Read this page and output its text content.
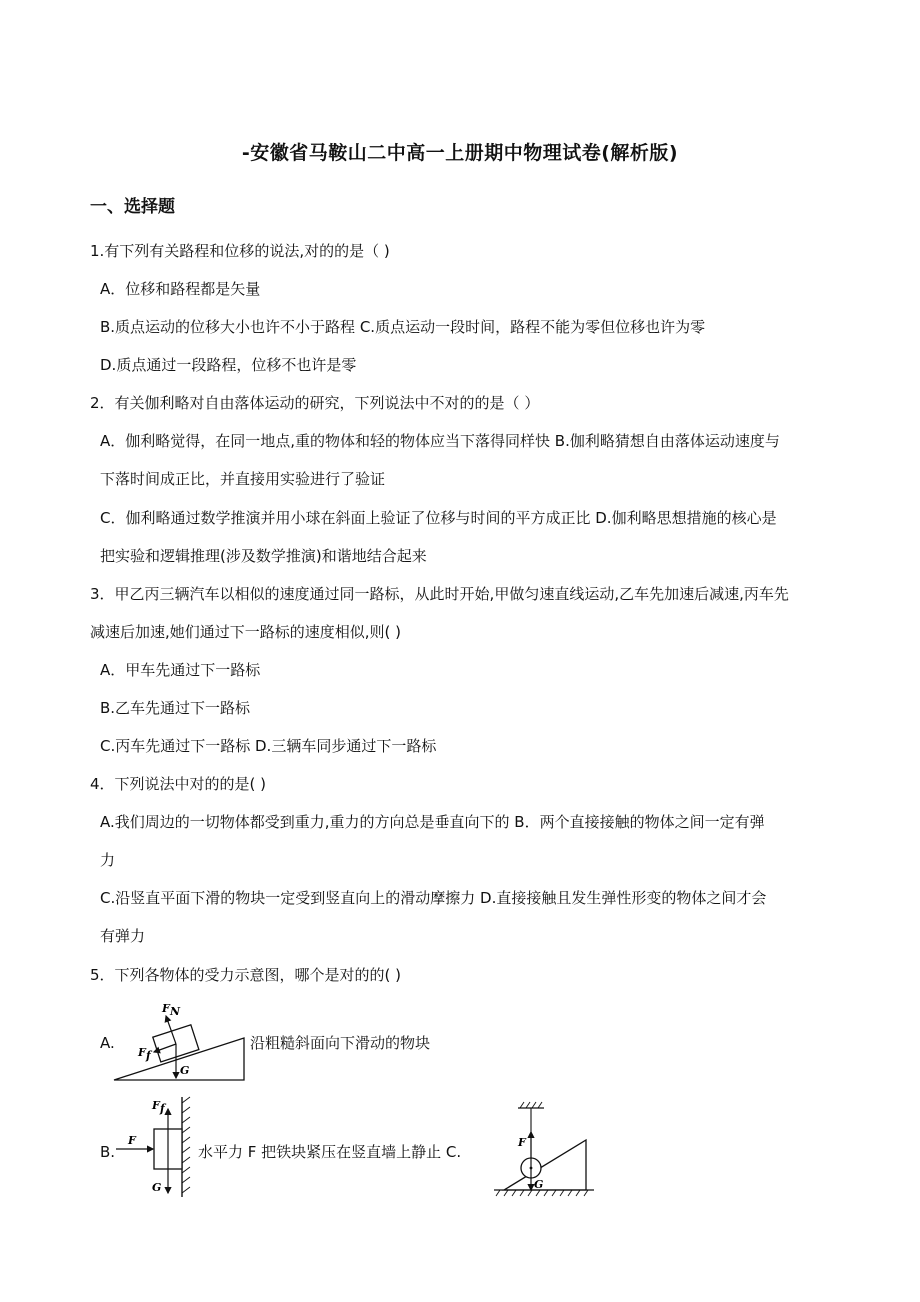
-安徽省马鞍山二中高一上册期中物理试卷(解析版)
一、选择题
1.有下列有关路程和位移的说法,对的的是（ )
A．位移和路程都是矢量
B.质点运动的位移大小也许不小于路程 C.质点运动一段时间，路程不能为零但位移也许为零
D.质点通过一段路程，位移不也许是零
2．有关伽利略对自由落体运动的研究，下列说法中不对的的是（ ）
A．伽利略觉得，在同一地点,重的物体和轻的物体应当下落得同样快 B.伽利略猜想自由落体运动速度与
下落时间成正比，并直接用实验进行了验证
C．伽利略通过数学推演并用小球在斜面上验证了位移与时间的平方成正比 D.伽利略思想措施的核心是
把实验和逻辑推理(涉及数学推演)和谐地结合起来
3．甲乙丙三辆汽车以相似的速度通过同一路标，从此时开始,甲做匀速直线运动,乙车先加速后减速,丙车先
减速后加速,她们通过下一路标的速度相似,则( )
A．甲车先通过下一路标
B.乙车先通过下一路标
C.丙车先通过下一路标 D.三辆车同步通过下一路标
4．下列说法中对的的是( )
A.我们周边的一切物体都受到重力,重力的方向总是垂直向下的 B．两个直接接触的物体之间一定有弹
力
C.沿竖直平面下滑的物块一定受到竖直向上的滑动摩擦力 D.直接接触且发生弹性形变的物体之间才会
有弹力
5．下列各物体的受力示意图，哪个是对的的( )
A.	沿粗糙斜面向下滑动的物块
B.	水平力 F 把铁块紧压在竖直墙上静止 C.
F N
F f
G
F
F f
G
F
G
